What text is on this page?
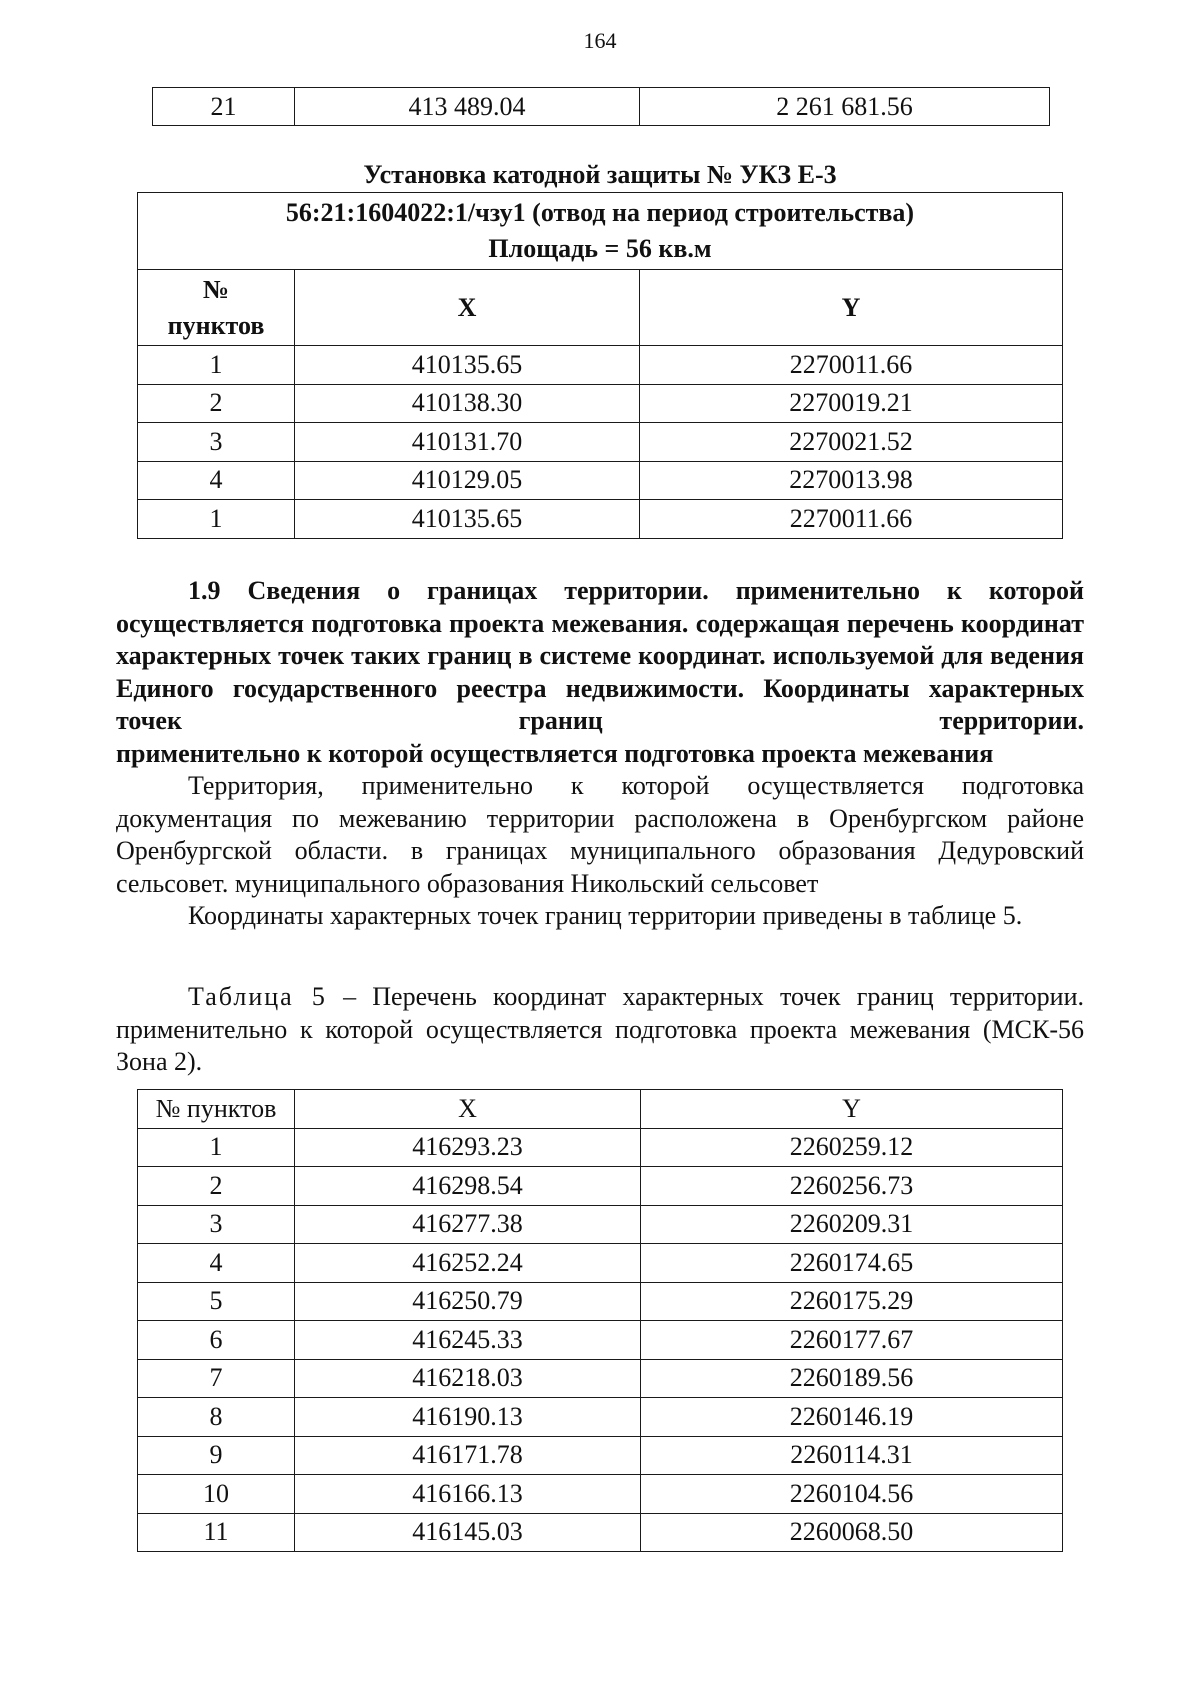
164
21	413 489.04	2 261 681.56
Установка катодной защиты № УКЗ Е-3
56:21:1604022:1/чзу1 (отвод на период строительства)
Площадь = 56 кв.м		

№
пунктов	X	Y
1	410135.65	2270011.66
2	410138.30	2270019.21
3	410131.70	2270021.52
4	410129.05	2270013.98
1	410135.65	2270011.66
1.9 Сведения о границах территории. применительно к которой осуществляется подготовка проекта межевания. содержащая перечень координат характерных точек таких границ в системе координат. используемой для ведения Единого государственного реестра недвижимости. Координаты характерных точек границ территории.
применительно к которой осуществляется подготовка проекта межевания
Территория, применительно к которой осуществляется подготовка документация по межеванию территории расположена в Оренбургском районе Оренбургской области. в границах муниципального образования Дедуровский сельсовет. муниципального образования Никольский сельсовет
Координаты характерных точек границ территории приведены в таблице 5.
Таблица 5 – Перечень координат характерных точек границ территории. применительно к которой осуществляется подготовка проекта межевания (МСК-56 Зона 2).
№ пунктов	X	Y
1	416293.23	2260259.12
2	416298.54	2260256.73
3	416277.38	2260209.31
4	416252.24	2260174.65
5	416250.79	2260175.29
6	416245.33	2260177.67
7	416218.03	2260189.56
8	416190.13	2260146.19
9	416171.78	2260114.31
10	416166.13	2260104.56
11	416145.03	2260068.50
